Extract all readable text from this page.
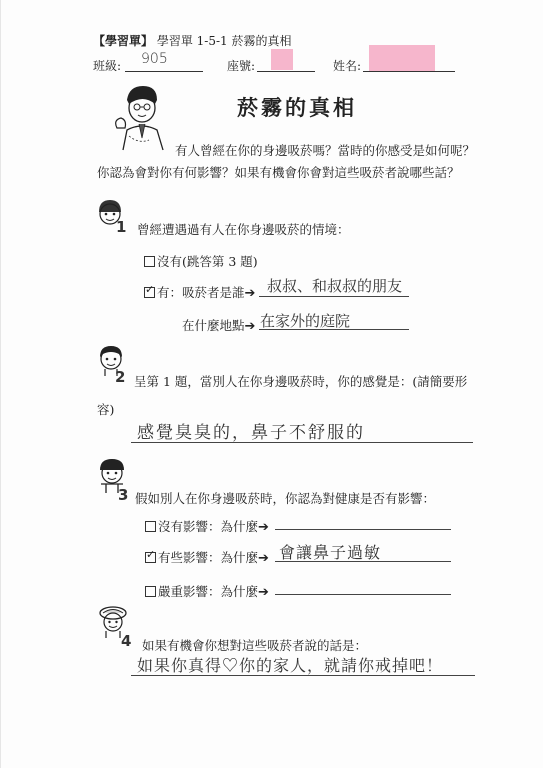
【學習單】 學習單 1-5-1 菸霧的真相
班級: 905	座號:	姓名:
菸霧的真相

有人曾經在你的身邊吸菸嗎？當時的你感受是如何呢？

你認為會對你有何影響？如果有機會你會對這些吸菸者說哪些話？

1 曾經遭遇過有人在你身邊吸菸的情境：
沒有(跳答第 3 題)
✓ 有：吸菸者是誰➔ 叔叔、和叔叔的朋友
在什麼地點➔ 在家外的庭院
2 呈第 1 題，當別人在你身邊吸菸時，你的感覺是：(請簡要形
容)
感覺臭臭的，鼻子不舒服的
3 假如別人在你身邊吸菸時，你認為對健康是否有影響：
沒有影響：為什麼➔
✓ 有些影響：為什麼➔ 會讓鼻子過敏
嚴重影響：為什麼➔
4 如果有機會你想對這些吸菸者說的話是：
如果你真得♡你的家人，就請你戒掉吧！
